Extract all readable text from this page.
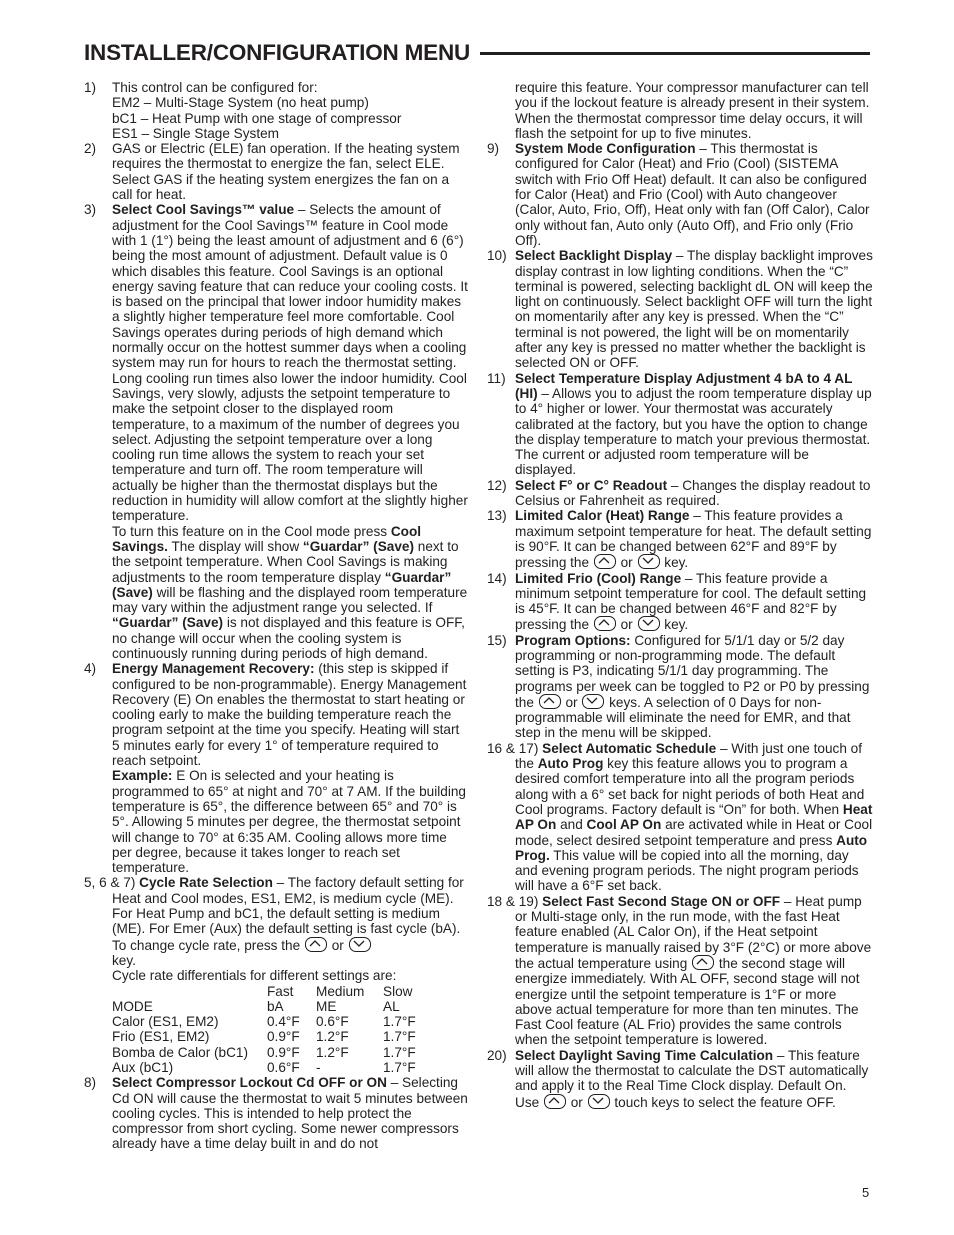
INSTALLER/CONFIGURATION MENU
1) This control can be configured for:
EM2 – Multi-Stage System (no heat pump)
bC1 – Heat Pump with one stage of compressor
ES1 – Single Stage System
2) GAS or Electric (ELE) fan operation. If the heating system requires the thermostat to energize the fan, select ELE. Select GAS if the heating system energizes the fan on a call for heat.
3) Select Cool Savings™ value – Selects the amount of adjustment for the Cool Savings™ feature in Cool mode with 1 (1°) being the least amount of adjustment and 6 (6°) being the most amount of adjustment. Default value is 0 which disables this feature. Cool Savings is an optional energy saving feature that can reduce your cooling costs. It is based on the principal that lower indoor humidity makes a slightly higher temperature feel more comfortable. Cool Savings operates during periods of high demand which normally occur on the hottest summer days when a cooling system may run for hours to reach the thermostat setting. Long cooling run times also lower the indoor humidity. Cool Savings, very slowly, adjusts the setpoint temperature to make the setpoint closer to the displayed room temperature, to a maximum of the number of degrees you select. Adjusting the setpoint temperature over a long cooling run time allows the system to reach your set temperature and turn off. The room temperature will actually be higher than the thermostat displays but the reduction in humidity will allow comfort at the slightly higher temperature.
To turn this feature on in the Cool mode press Cool Savings. The display will show “Guardar” (Save) next to the setpoint temperature. When Cool Savings is making adjustments to the room temperature display “Guardar” (Save) will be flashing and the displayed room temperature may vary within the adjustment range you selected. If “Guardar” (Save) is not displayed and this feature is OFF, no change will occur when the cooling system is continuously running during periods of high demand.
4) Energy Management Recovery: (this step is skipped if configured to be non-programmable). Energy Management Recovery (E) On enables the thermostat to start heating or cooling early to make the building temperature reach the program setpoint at the time you specify. Heating will start 5 minutes early for every 1° of temperature required to reach setpoint.
Example: E On is selected and your heating is programmed to 65° at night and 70° at 7 AM. If the building temperature is 65°, the difference between 65° and 70° is 5°. Allowing 5 minutes per degree, the thermostat setpoint will change to 70° at 6:35 AM. Cooling allows more time per degree, because it takes longer to reach set temperature.
5, 6 & 7) Cycle Rate Selection – The factory default setting for Heat and Cool modes, ES1, EM2, is medium cycle (ME). For Heat Pump and bC1, the default setting is medium (ME). For Emer (Aux) the default setting is fast cycle (bA). To change cycle rate, press the or
key.
Cycle rate differentials for different settings are:
	Fast	Medium	Slow
MODE	bA	ME	AL
Calor (ES1, EM2)	0.4°F	0.6°F	1.7°F
Frio (ES1, EM2)	0.9°F	1.2°F	1.7°F
Bomba de Calor (bC1)	0.9°F	1.2°F	1.7°F
Aux (bC1)	0.6°F	-	1.7°F
8) Select Compressor Lockout Cd OFF or ON – Selecting Cd ON will cause the thermostat to wait 5 minutes between cooling cycles. This is intended to help protect the compressor from short cycling. Some newer compressors already have a time delay built in and do not
require this feature. Your compressor manufacturer can tell you if the lockout feature is already present in their system. When the thermostat compressor time delay occurs, it will flash the setpoint for up to five minutes.
9) System Mode Configuration – This thermostat is configured for Calor (Heat) and Frio (Cool) (SISTEMA switch with Frio Off Heat) default. It can also be configured for Calor (Heat) and Frio (Cool) with Auto changeover (Calor, Auto, Frio, Off), Heat only with fan (Off Calor), Calor only without fan, Auto only (Auto Off), and Frio only (Frio Off).
10) Select Backlight Display – The display backlight improves display contrast in low lighting conditions. When the “C” terminal is powered, selecting backlight dL ON will keep the light on continuously. Select backlight OFF will turn the light on momentarily after any key is pressed. When the “C” terminal is not powered, the light will be on momentarily after any key is pressed no matter whether the backlight is selected ON or OFF.
11) Select Temperature Display Adjustment 4 bA to 4 AL (HI) – Allows you to adjust the room temperature display up to 4° higher or lower. Your thermostat was accurately calibrated at the factory, but you have the option to change the display temperature to match your previous thermostat. The current or adjusted room temperature will be displayed.
12) Select F° or C° Readout – Changes the display readout to Celsius or Fahrenheit as required.
13) Limited Calor (Heat) Range – This feature provides a maximum setpoint temperature for heat. The default setting is 90°F. It can be changed between 62°F and 89°F by pressing the or key.
14) Limited Frio (Cool) Range – This feature provide a minimum setpoint temperature for cool. The default setting is 45°F. It can be changed between 46°F and 82°F by pressing the or key.
15) Program Options: Configured for 5/1/1 day or 5/2 day programming or non-programming mode. The default setting is P3, indicating 5/1/1 day programming. The programs per week can be toggled to P2 or P0 by pressing the or keys. A selection of 0 Days for non-programmable will eliminate the need for EMR, and that step in the menu will be skipped.
16 & 17) Select Automatic Schedule – With just one touch of the Auto Prog key this feature allows you to program a desired comfort temperature into all the program periods along with a 6° set back for night periods of both Heat and Cool programs. Factory default is “On” for both. When Heat AP On and Cool AP On are activated while in Heat or Cool mode, select desired setpoint temperature and press Auto Prog. This value will be copied into all the morning, day and evening program periods. The night program periods will have a 6°F set back.
18 & 19) Select Fast Second Stage ON or OFF – Heat pump or Multi-stage only, in the run mode, with the fast Heat feature enabled (AL Calor On), if the Heat setpoint temperature is manually raised by 3°F (2°C) or more above the actual temperature using the second stage will energize immediately. With AL OFF, second stage will not energize until the setpoint temperature is 1°F or more above actual temperature for more than ten minutes. The Fast Cool feature (AL Frio) provides the same controls when the setpoint temperature is lowered.
20) Select Daylight Saving Time Calculation – This feature will allow the thermostat to calculate the DST automatically and apply it to the Real Time Clock display. Default On. Use or touch keys to select the feature OFF.
5
